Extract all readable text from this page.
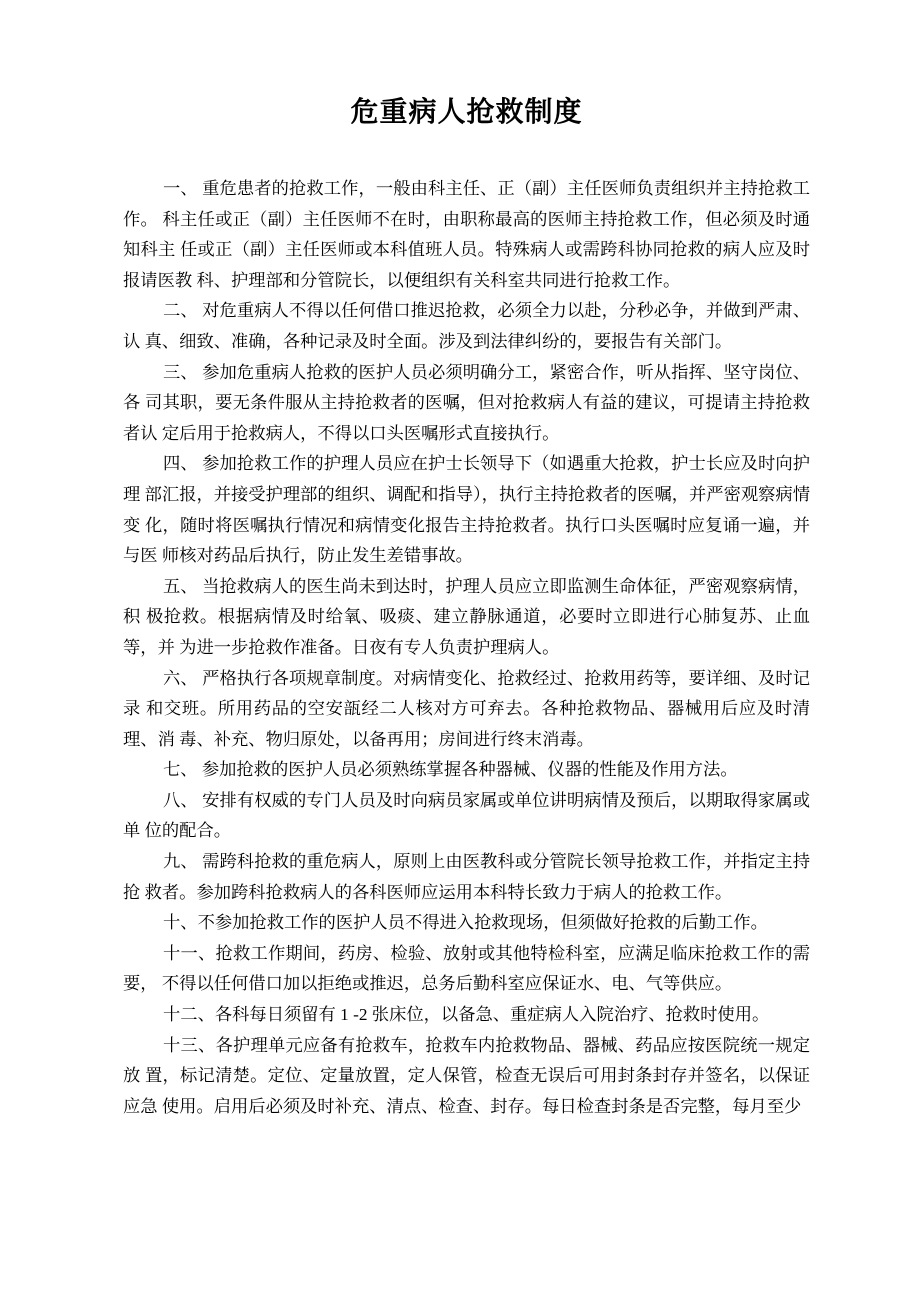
危重病人抢救制度

一、 重危患者的抢救工作，一般由科主任、正（副）主任医师负责组织并主持抢救工作。 科主任或正（副）主任医师不在时，由职称最高的医师主持抢救工作，但必须及时通知科主 任或正（副）主任医师或本科值班人员。特殊病人或需跨科协同抢救的病人应及时报请医教 科、护理部和分管院长，以便组织有关科室共同进行抢救工作。

二、 对危重病人不得以任何借口推迟抢救，必须全力以赴，分秒必争，并做到严肃、认 真、细致、准确，各种记录及时全面。涉及到法律纠纷的，要报告有关部门。

三、 参加危重病人抢救的医护人员必须明确分工，紧密合作，听从指挥、坚守岗位、各 司其职，要无条件服从主持抢救者的医嘱，但对抢救病人有益的建议，可提请主持抢救者认 定后用于抢救病人，不得以口头医嘱形式直接执行。

四、 参加抢救工作的护理人员应在护士长领导下（如遇重大抢救，护士长应及时向护理 部汇报，并接受护理部的组织、调配和指导），执行主持抢救者的医嘱，并严密观察病情变 化，随时将医嘱执行情况和病情变化报告主持抢救者。执行口头医嘱时应复诵一遍，并与医 师核对药品后执行，防止发生差错事故。

五、 当抢救病人的医生尚未到达时，护理人员应立即监测生命体征，严密观察病情，积 极抢救。根据病情及时给氧、吸痰、建立静脉通道，必要时立即进行心肺复苏、止血等，并 为进一步抢救作准备。日夜有专人负责护理病人。

六、 严格执行各项规章制度。对病情变化、抢救经过、抢救用药等，要详细、及时记录 和交班。所用药品的空安瓿经二人核对方可弃去。各种抢救物品、器械用后应及时清理、消 毒、补充、物归原处，以备再用；房间进行终末消毒。

七、 参加抢救的医护人员必须熟练掌握各种器械、仪器的性能及作用方法。

八、 安排有权威的专门人员及时向病员家属或单位讲明病情及预后，以期取得家属或单 位的配合。

九、 需跨科抢救的重危病人，原则上由医教科或分管院长领导抢救工作，并指定主持抢 救者。参加跨科抢救病人的各科医师应运用本科特长致力于病人的抢救工作。

十、不参加抢救工作的医护人员不得进入抢救现场，但须做好抢救的后勤工作。

十一、抢救工作期间，药房、检验、放射或其他特检科室，应满足临床抢救工作的需要， 不得以任何借口加以拒绝或推迟，总务后勤科室应保证水、电、气等供应。

十二、各科每日须留有 1 -2 张床位，以备急、重症病人入院治疗、抢救时使用。

十三、各护理单元应备有抢救车，抢救车内抢救物品、器械、药品应按医院统一规定放 置，标记清楚。定位、定量放置，定人保管，检查无误后可用封条封存并签名，以保证应急 使用。启用后必须及时补充、清点、检查、封存。每日检查封条是否完整，每月至少
